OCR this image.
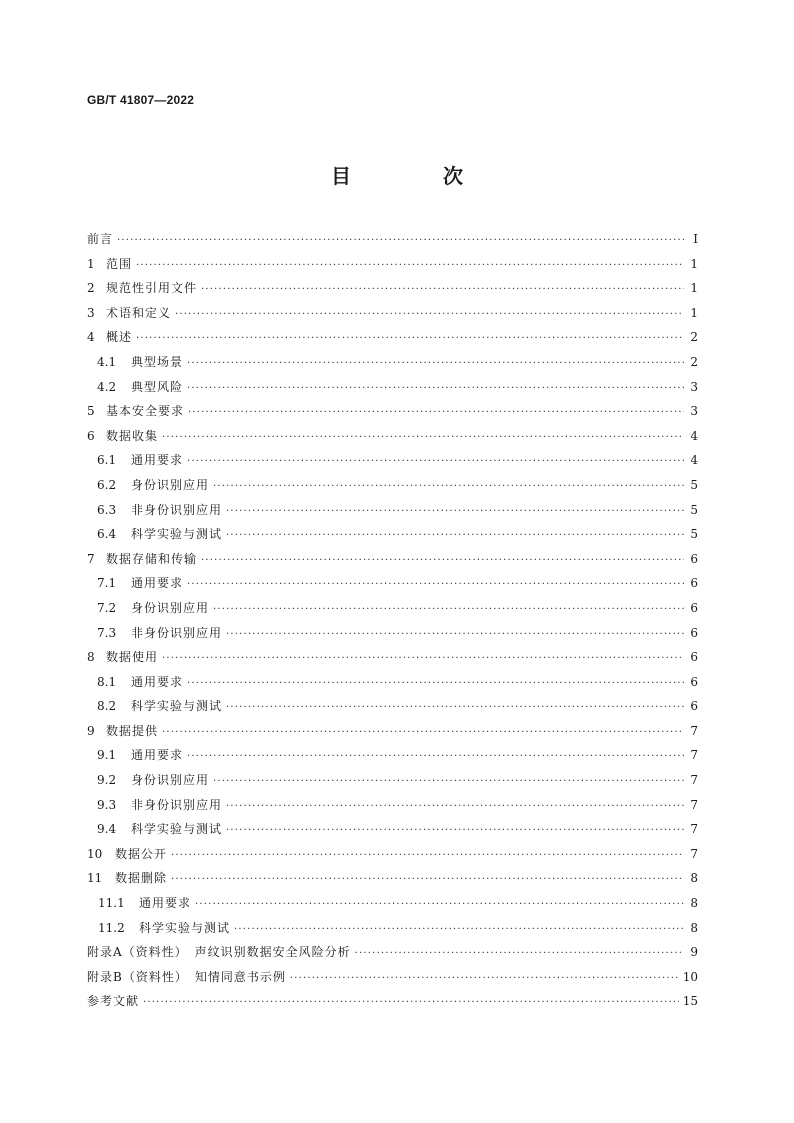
GB/T 41807—2022
目　次
前言 ·····	Ⅰ
1 范围 ·····	1
2 规范性引用文件 ·····	1
3 术语和定义 ·····	1
4 概述 ·····	2
4.1	典型场景 ·····	2
4.2	典型风险 ·····	3
5 基本安全要求 ·····	3
6 数据收集 ·····	4
6.1	通用要求 ·····	4
6.2	身份识别应用 ·····	5
6.3	非身份识别应用 ·····	5
6.4	科学实验与测试 ·····	5
7 数据存储和传输 ·····	6
7.1	通用要求 ·····	6
7.2	身份识别应用 ·····	6
7.3	非身份识别应用 ·····	6
8 数据使用 ·····	6
8.1	通用要求 ·····	6
8.2	科学实验与测试 ·····	6
9 数据提供 ·····	7
9.1	通用要求 ·····	7
9.2	身份识别应用 ·····	7
9.3	非身份识别应用 ·····	7
9.4	科学实验与测试 ·····	7
10	数据公开 ·····	7
11	数据删除 ·····	8
11.1	通用要求 ·····	8
11.2	科学实验与测试 ·····	8
附录A（资料性）　声纹识别数据安全风险分析 ·····	9
附录B（资料性）　知情同意书示例 ·····	10
参考文献 ·····	15
